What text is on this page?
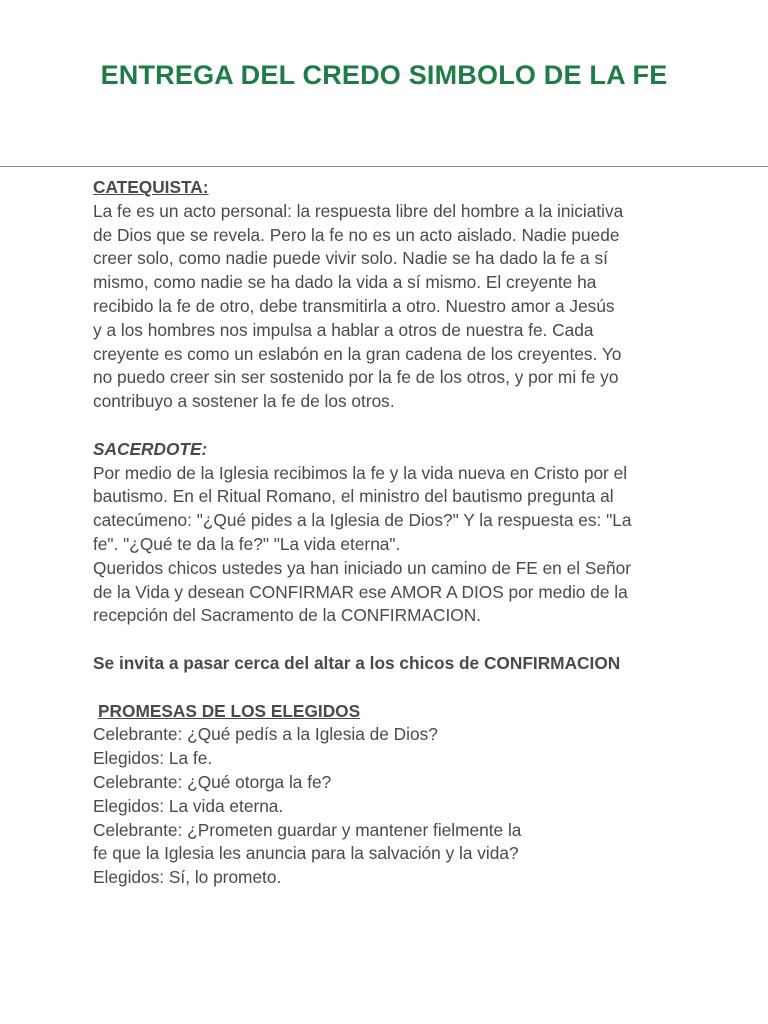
ENTREGA DEL CREDO SIMBOLO DE LA FE

CATEQUISTA:

La fe es un acto personal: la respuesta libre del hombre a la iniciativa

de Dios que se revela. Pero la fe no es un acto aislado. Nadie puede

creer solo, como nadie puede vivir solo. Nadie se ha dado la fe a sí

mismo, como nadie se ha dado la vida a sí mismo. El creyente ha

recibido la fe de otro, debe transmitirla a otro. Nuestro amor a Jesús

y a los hombres nos impulsa a hablar a otros de nuestra fe. Cada

creyente es como un eslabón en la gran cadena de los creyentes. Yo

no puedo creer sin ser sostenido por la fe de los otros, y por mi fe yo

contribuyo a sostener la fe de los otros.

SACERDOTE:

Por medio de la Iglesia recibimos la fe y la vida nueva en Cristo por el

bautismo. En el Ritual Romano, el ministro del bautismo pregunta al

catecúmeno: "¿Qué pides a la Iglesia de Dios?" Y la respuesta es: "La

fe". "¿Qué te da la fe?" "La vida eterna".

Queridos chicos ustedes ya han iniciado un camino de FE en el Señor

de la Vida y desean CONFIRMAR ese AMOR A DIOS por medio de la

recepción del Sacramento de la CONFIRMACION.

Se invita a pasar cerca del altar a los chicos de CONFIRMACION

PROMESAS DE LOS ELEGIDOS

Celebrante: ¿Qué pedís a la Iglesia de Dios?

Elegidos: La fe.

Celebrante: ¿Qué otorga la fe?

Elegidos: La vida eterna.

Celebrante: ¿Prometen guardar y mantener fielmente la

fe que la Iglesia les anuncia para la salvación y la vida?

Elegidos: Sí, lo prometo.
